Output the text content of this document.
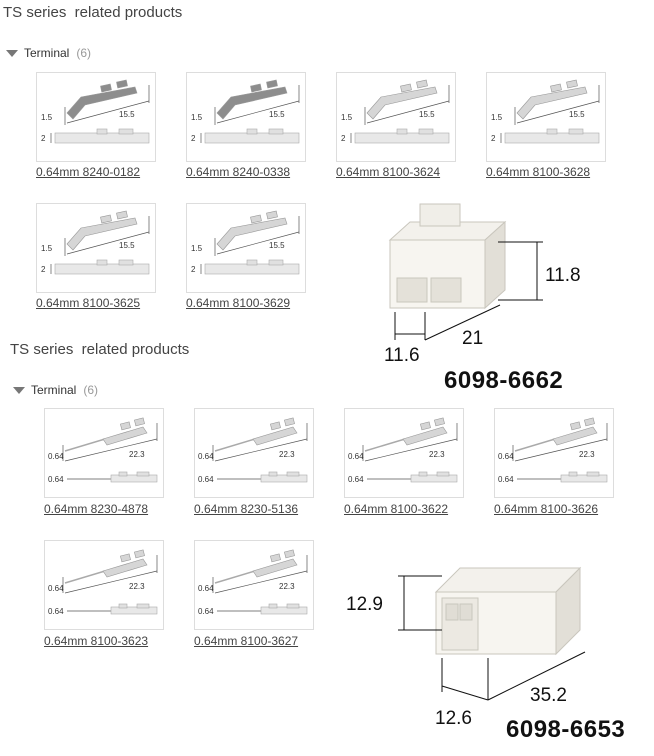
TS series  related products
Terminal (6)
1.5	15.5
2
0.64mm 8240-0182
1.5	15.5
2
0.64mm 8240-0338
1.5	15.5
2
0.64mm 8100-3624
1.5	15.5
2
0.64mm 8100-3628
1.5	15.5
2
0.64mm 8100-3625
1.5	15.5
2
0.64mm 8100-3629
11.8
21
11.6
6098-6662
TS series  related products
Terminal (6)
0.64	22.3
0.64
0.64mm 8230-4878
0.64	22.3
0.64
0.64mm 8230-5136
0.64	22.3
0.64
0.64mm 8100-3622
0.64	22.3
0.64
0.64mm 8100-3626
0.64	22.3
0.64
0.64mm 8100-3623
0.64	22.3
0.64
0.64mm 8100-3627
12.9
35.2
12.6 6098-6653
